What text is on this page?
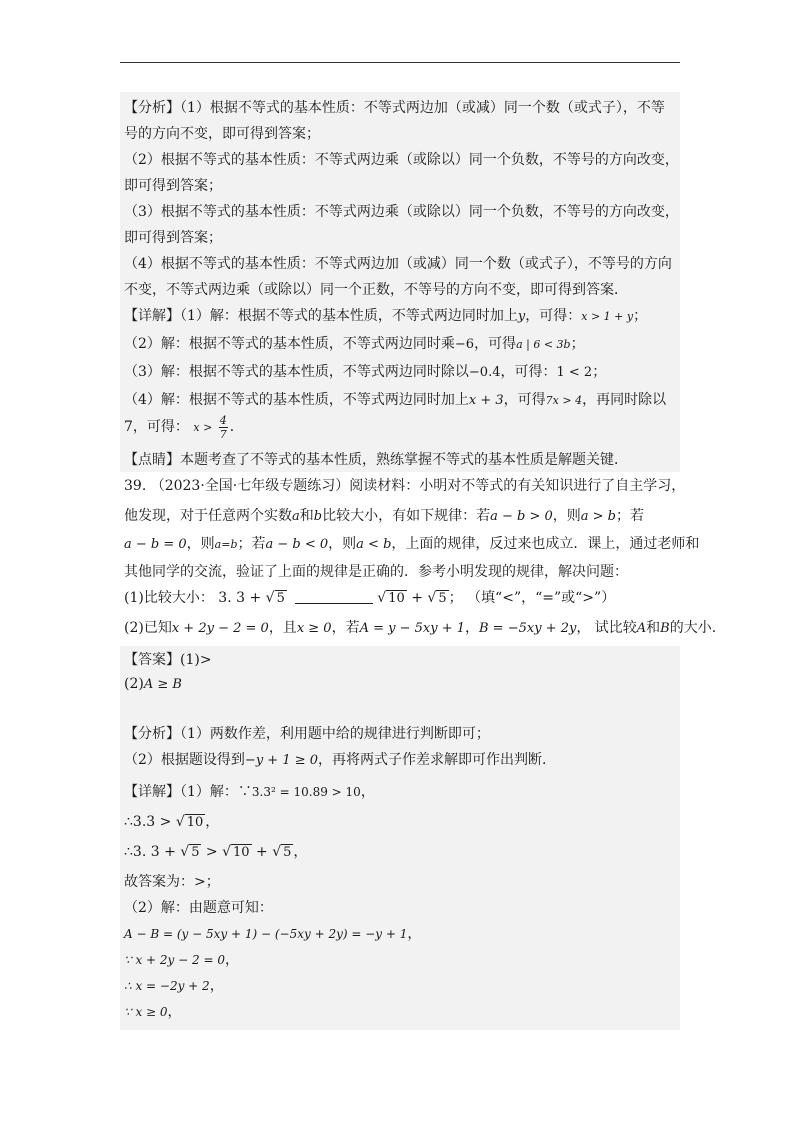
【分析】（1）根据不等式的基本性质：不等式两边加（或减）同一个数（或式子），不等
号的方向不变，即可得到答案；
（2）根据不等式的基本性质：不等式两边乘（或除以）同一个负数，不等号的方向改变，
即可得到答案；
（3）根据不等式的基本性质：不等式两边乘（或除以）同一个负数，不等号的方向改变，
即可得到答案；
（4）根据不等式的基本性质：不等式两边加（或减）同一个数（或式子），不等号的方向
不变，不等式两边乘（或除以）同一个正数，不等号的方向不变，即可得到答案．
【详解】（1）解：根据不等式的基本性质，不等式两边同时加上y，可得：x > 1 + y；
（2）解：根据不等式的基本性质，不等式两边同时乘−6，可得a | 6 < 3b；
（3）解：根据不等式的基本性质，不等式两边同时除以−0.4，可得：1 < 2；
（4）解：根据不等式的基本性质，不等式两边同时加上x + 3，可得7x > 4，再同时除以
7，可得： $x > \frac{4}{7}$ ．
【点睛】本题考查了不等式的基本性质，熟练掌握不等式的基本性质是解题关键．
39. （2023·全国·七年级专题练习）阅读材料：小明对不等式的有关知识进行了自主学习，
他发现，对于任意两个实数a和b比较大小，有如下规律：若a − b > 0，则a > b；若
a − b = 0，则a=b；若a − b < 0，则a < b，上面的规律，反过来也成立．课上，通过老师和
其他同学的交流，验证了上面的规律是正确的．参考小明发现的规律，解决问题：
(1)比较大小： 3. 3 + √ 5	√ 10 + √ 5 ； （填“<”，“=”或“>”）
(2)已知x + 2y − 2 = 0，且x ≥ 0，若A = y − 5xy + 1，B = −5xy + 2y， 试比较A和B的大小.
【答案】(1)>
(2)A ≥ B
【分析】（1）两数作差，利用题中给的规律进行判断即可；
（2）根据题设得到−y + 1 ≥ 0，再将两式子作差求解即可作出判断.
【详解】（1）解：∵3.3² = 10.89 > 10，
∴3.3 > √ 10 ，
∴3. 3 + √ 5 > √ 10 + √ 5 ，
故答案为：>；
（2）解：由题意可知：
A − B = (y − 5xy + 1) − (−5xy + 2y) = −y + 1，
∵ x + 2y − 2 = 0，
∴ x = −2y + 2，
∵ x ≥ 0，
